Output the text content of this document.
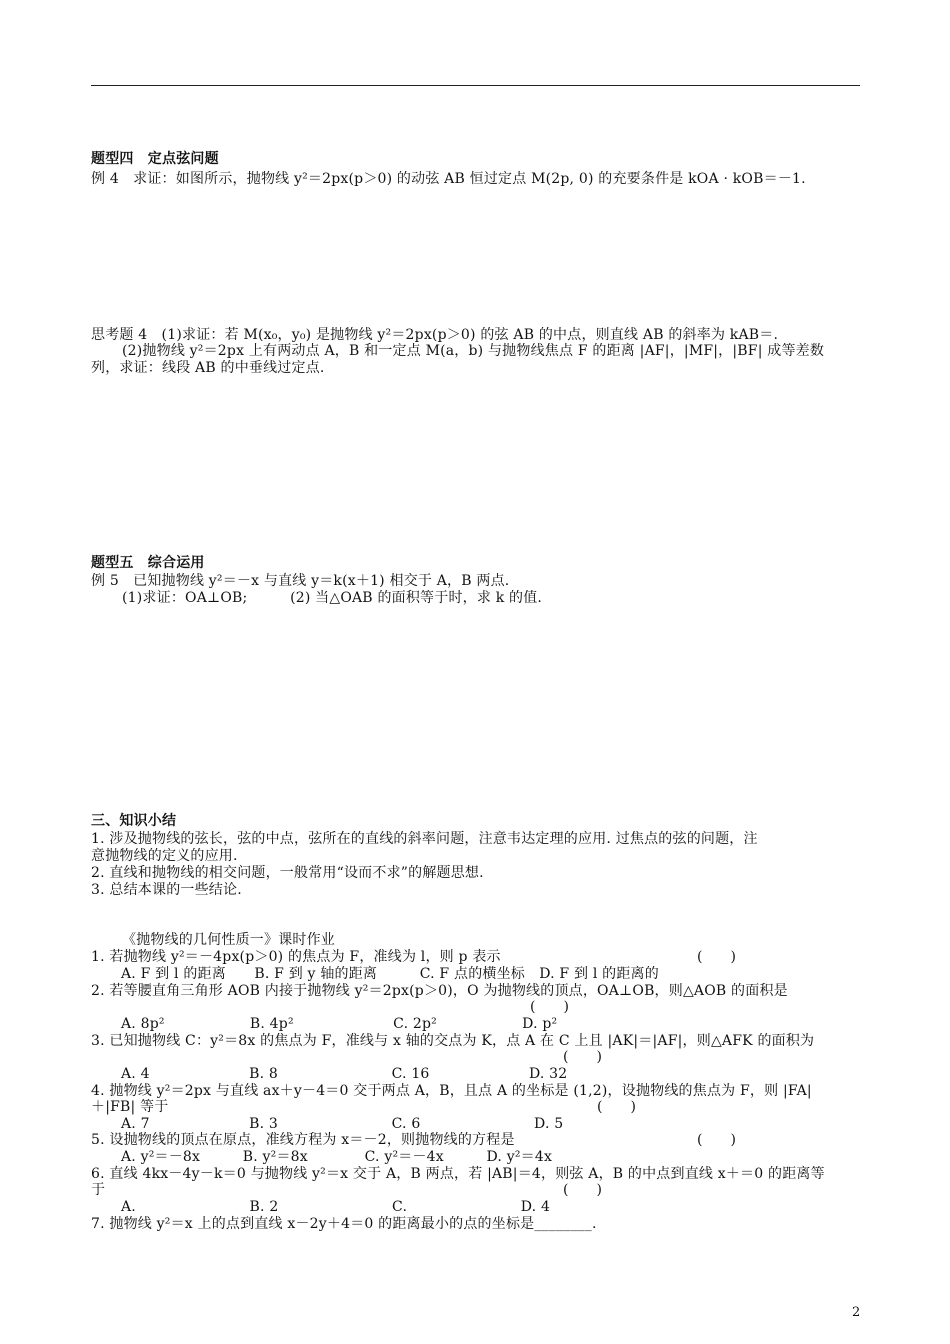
题型四　定点弦问题
例 4　求证：如图所示，抛物线 y²＝2px(p＞0) 的动弦 AB 恒过定点 M(2p, 0) 的充要条件是 kOA · kOB＝－1.
思考题 4　(1)求证：若 M(x₀，y₀) 是抛物线 y²＝2px(p＞0) 的弦 AB 的中点，则直线 AB 的斜率为 kAB＝.
(2)抛物线 y²＝2px 上有两动点 A，B 和一定点 M(a，b) 与抛物线焦点 F 的距离 |AF|，|MF|，|BF| 成等差数
列，求证：线段 AB 的中垂线过定点.
题型五　综合运用
例 5　已知抛物线 y²＝－x 与直线 y＝k(x＋1) 相交于 A，B 两点.
(1)求证：OA⊥OB;　　　(2) 当△OAB 的面积等于时，求 k 的值.
三、知识小结
1. 涉及抛物线的弦长，弦的中点，弦所在的直线的斜率问题，注意韦达定理的应用. 过焦点的弦的问题，注
意抛物线的定义的应用.
2. 直线和抛物线的相交问题，一般常用“设而不求”的解题思想.
3. 总结本课的一些结论.
《抛物线的几何性质一》课时作业
1. 若抛物线 y²＝－4px(p＞0) 的焦点为 F，准线为 l，则 p 表示	(　　)
A. F 到 l 的距离　　B. F 到 y 轴的距离　　　C. F 点的横坐标　D. F 到 l 的距离的
2. 若等腰直角三角形 AOB 内接于抛物线 y²＝2px(p＞0)，O 为抛物线的顶点，OA⊥OB，则△AOB 的面积是
(　　)
A. 8p²　　　　　　B. 4p²　　　　　　　C. 2p²　　　　　　D. p²
3. 已知抛物线 C：y²＝8x 的焦点为 F，准线与 x 轴的交点为 K，点 A 在 C 上且 |AK|＝|AF|，则△AFK 的面积为
(　　)
A. 4　　　　　　　B. 8　　　　　　　　C. 16　　　　　　　D. 32
4. 抛物线 y²＝2px 与直线 ax＋y－4＝0 交于两点 A，B，且点 A 的坐标是 (1,2)，设抛物线的焦点为 F，则 |FA|
＋|FB| 等于	(　　)
A. 7　　　　　　　B. 3　　　　　　　　C. 6　　　　　　　　D. 5
5. 设抛物线的顶点在原点，准线方程为 x＝－2，则抛物线的方程是	(　　)
A. y²＝－8x　　　B. y²＝8x　　　　C. y²＝－4x　　　D. y²＝4x
6. 直线 4kx－4y－k＝0 与抛物线 y²＝x 交于 A，B 两点，若 |AB|＝4，则弦 A，B 的中点到直线 x＋＝0 的距离等
于	(　　)
A.　　　　　　　　B. 2　　　　　　　　C.　　　　　　　　D. 4
7. 抛物线 y²＝x 上的点到直线 x－2y＋4＝0 的距离最小的点的坐标是________.
2
